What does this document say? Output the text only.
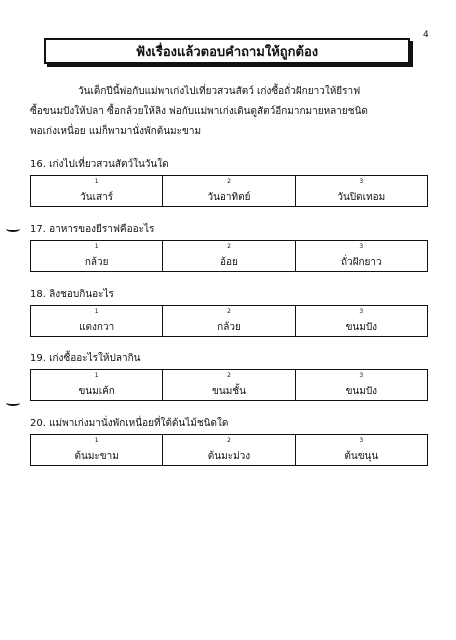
4
ฟังเรื่องแล้วตอบคำถามให้ถูกต้อง
วันเด็กปีนี้พ่อกับแม่พาเก่งไปเที่ยวสวนสัตว์ เก่งซื้อถั่วฝักยาวให้ยีราฟ
ซื้อขนมปังให้ปลา ซื้อกล้วยให้ลิง พ่อกับแม่พาเก่งเดินดูสัตว์อีกมากมายหลายชนิด
พอเก่งเหนื่อย แม่ก็พามานั่งพักต้นมะขาม
16. เก่งไปเที่ยวสวนสัตว์ในวันใด
1
วันเสาร์
2
วันอาทิตย์
3
วันปิดเทอม
17. อาหารของยีราฟคืออะไร
1
กล้วย
2
อ้อย
3
ถั่วฝักยาว
18. ลิงชอบกินอะไร
1
แตงกวา
2
กล้วย
3
ขนมปัง
19. เก่งซื้ออะไรให้ปลากิน
1
ขนมเค้ก
2
ขนมชั้น
3
ขนมปัง
20. แม่พาเก่งมานั่งพักเหนื่อยที่ใต้ต้นไม้ชนิดใด
1
ต้นมะขาม
2
ต้นมะม่วง
3
ต้นขนุน
